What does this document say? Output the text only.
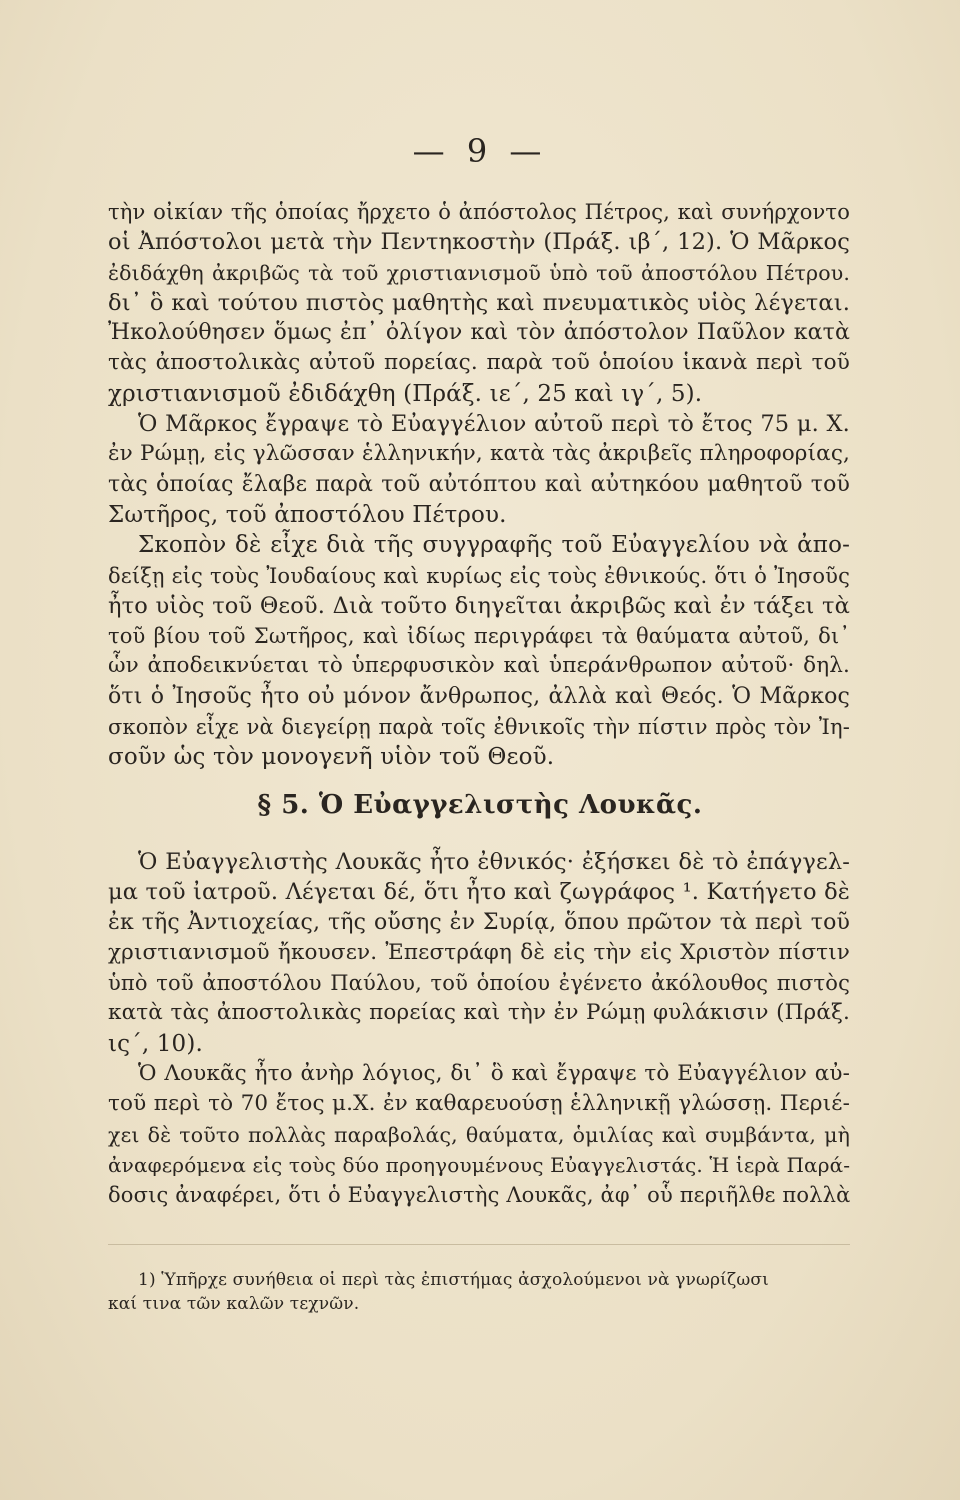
— 9 —
τὴν οἰκίαν τῆς ὁποίας ἤρχετο ὁ ἀπόστολος Πέτρος, καὶ συνήρχοντο
οἱ Ἀπόστολοι μετὰ τὴν Πεντηκοστὴν (Πράξ. ιβ΄, 12). Ὁ Μᾶρκος
ἐδιδάχθη ἀκριβῶς τὰ τοῦ χριστιανισμοῦ ὑπὸ τοῦ ἀποστόλου Πέτρου.
δι᾿ ὃ καὶ τούτου πιστὸς μαθητὴς καὶ πνευματικὸς υἱὸς λέγεται.
Ἠκολούθησεν ὅμως ἐπ᾿ ὀλίγον καὶ τὸν ἀπόστολον Παῦλον κατὰ
τὰς ἀποστολικὰς αὐτοῦ πορείας. παρὰ τοῦ ὁποίου ἱκανὰ περὶ τοῦ
χριστιανισμοῦ ἐδιδάχθη (Πράξ. ιε΄, 25 καὶ ιγ΄, 5).
Ὁ Μᾶρκος ἔγραψε τὸ Εὐαγγέλιον αὐτοῦ περὶ τὸ ἔτος 75 μ. Χ.
ἐν Ρώμῃ, εἰς γλῶσσαν ἑλληνικήν, κατὰ τὰς ἀκριβεῖς πληροφορίας,
τὰς ὁποίας ἔλαβε παρὰ τοῦ αὐτόπτου καὶ αὐτηκόου μαθητοῦ τοῦ
Σωτῆρος, τοῦ ἀποστόλου Πέτρου.
Σκοπὸν δὲ εἶχε διὰ τῆς συγγραφῆς τοῦ Εὐαγγελίου νὰ ἀπο-
δείξῃ εἰς τοὺς Ἰουδαίους καὶ κυρίως εἰς τοὺς ἐθνικούς. ὅτι ὁ Ἰησοῦς
ἦτο υἱὸς τοῦ Θεοῦ. Διὰ τοῦτο διηγεῖται ἀκριβῶς καὶ ἐν τάξει τὰ
τοῦ βίου τοῦ Σωτῆρος, καὶ ἰδίως περιγράφει τὰ θαύματα αὐτοῦ, δι᾿
ὧν ἀποδεικνύεται τὸ ὑπερφυσικὸν καὶ ὑπεράνθρωπον αὐτοῦ· δηλ.
ὅτι ὁ Ἰησοῦς ἦτο οὐ μόνον ἄνθρωπος, ἀλλὰ καὶ Θεός. Ὁ Μᾶρκος
σκοπὸν εἶχε νὰ διεγείρῃ παρὰ τοῖς ἐθνικοῖς τὴν πίστιν πρὸς τὸν Ἰη-
σοῦν ὡς τὸν μονογενῆ υἱὸν τοῦ Θεοῦ.
§ 5. Ὁ Εὐαγγελιστὴς Λουκᾶς.
Ὁ Εὐαγγελιστὴς Λουκᾶς ἦτο ἐθνικός· ἐξήσκει δὲ τὸ ἐπάγγελ-
μα τοῦ ἰατροῦ. Λέγεται δέ, ὅτι ἦτο καὶ ζωγράφος ¹. Κατήγετο δὲ
ἐκ τῆς Ἀντιοχείας, τῆς οὔσης ἐν Συρίᾳ, ὅπου πρῶτον τὰ περὶ τοῦ
χριστιανισμοῦ ἤκουσεν. Ἐπεστράφη δὲ εἰς τὴν εἰς Χριστὸν πίστιν
ὑπὸ τοῦ ἀποστόλου Παύλου, τοῦ ὁποίου ἐγένετο ἀκόλουθος πιστὸς
κατὰ τὰς ἀποστολικὰς πορείας καὶ τὴν ἐν Ρώμῃ φυλάκισιν (Πράξ.
ις΄, 10).
Ὁ Λουκᾶς ἦτο ἀνὴρ λόγιος, δι᾿ ὃ καὶ ἔγραψε τὸ Εὐαγγέλιον αὐ-
τοῦ περὶ τὸ 70 ἔτος μ.Χ. ἐν καθαρευούσῃ ἑλληνικῇ γλώσσῃ. Περιέ-
χει δὲ τοῦτο πολλὰς παραβολάς, θαύματα, ὁμιλίας καὶ συμβάντα, μὴ
ἀναφερόμενα εἰς τοὺς δύο προηγουμένους Εὐαγγελιστάς. Ἡ ἱερὰ Παρά-
δοσις ἀναφέρει, ὅτι ὁ Εὐαγγελιστὴς Λουκᾶς, ἀφ᾿ οὗ περιῆλθε πολλὰ
1) Ὑπῆρχε συνήθεια οἱ περὶ τὰς ἐπιστήμας ἀσχολούμενοι νὰ γνωρίζωσι
καί τινα τῶν καλῶν τεχνῶν.
